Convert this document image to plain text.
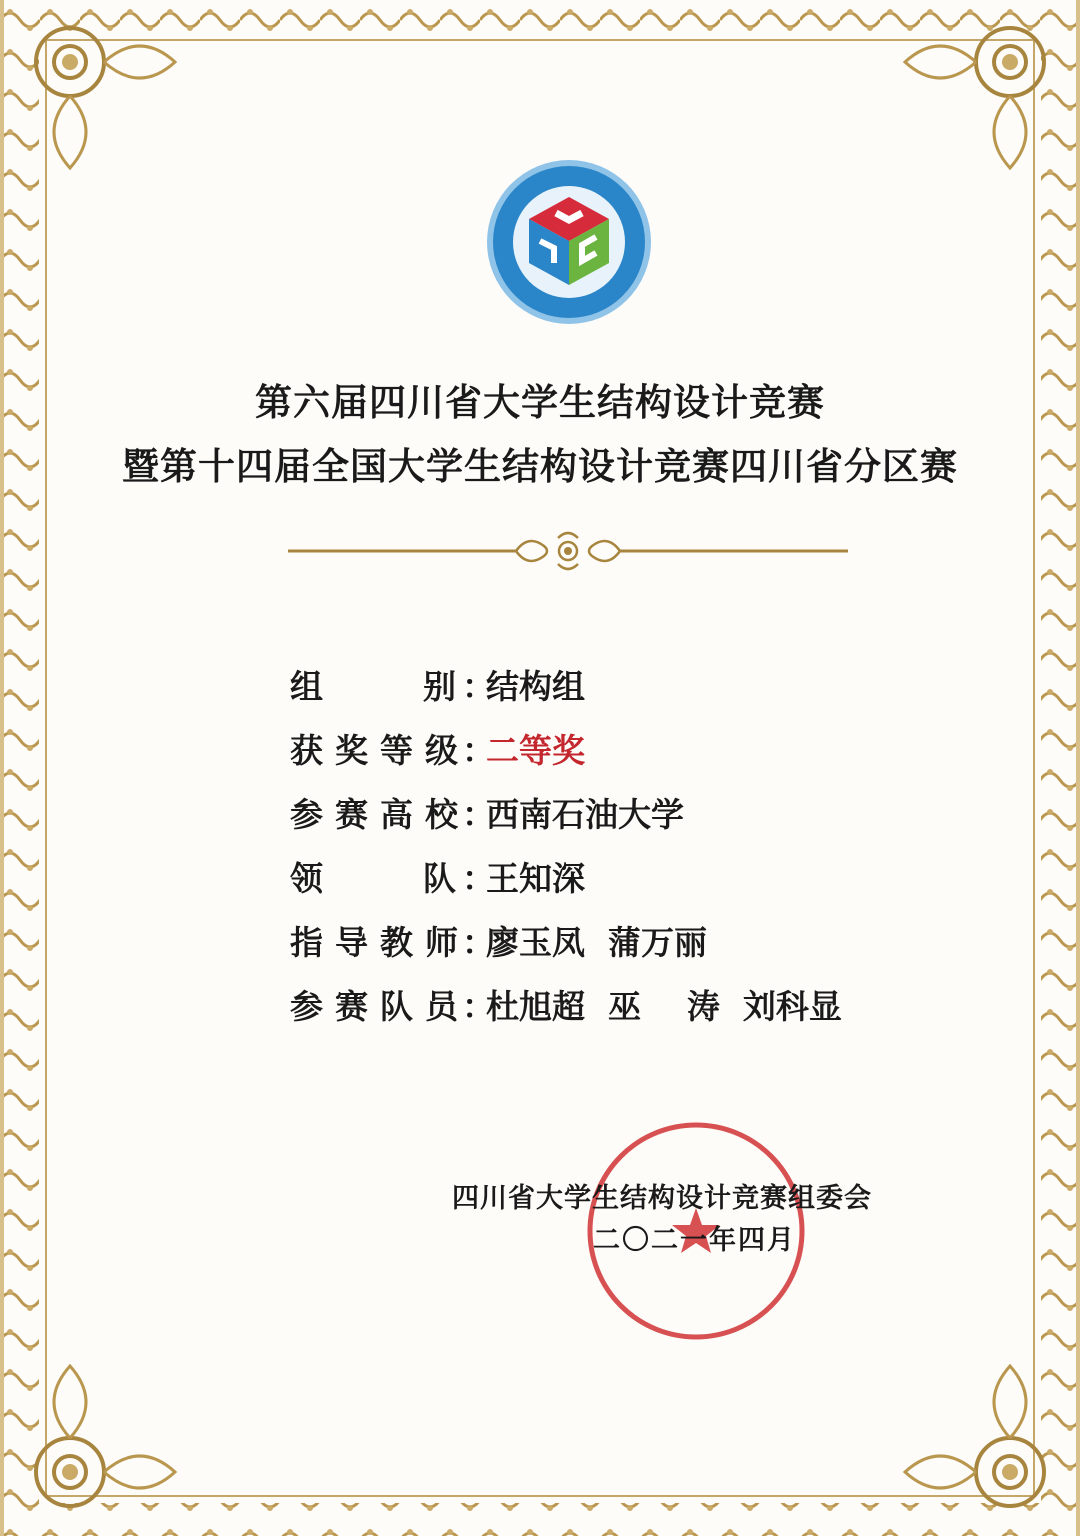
第六届四川省大学生结构设计竞赛
暨第十四届全国大学生结构设计竞赛四川省分区赛
组	别 ：
结构组
获 奖 等 级 ：
二等奖
参 赛 高 校 ：
西南石油大学
领	队 ：
王知深
指 导 教 师 ：
廖玉凤  蒲万丽
参 赛 队 员 ：
杜旭超  巫    涛  刘科显
四川省大学生结构设计竞赛组委会
二〇二一年四月
